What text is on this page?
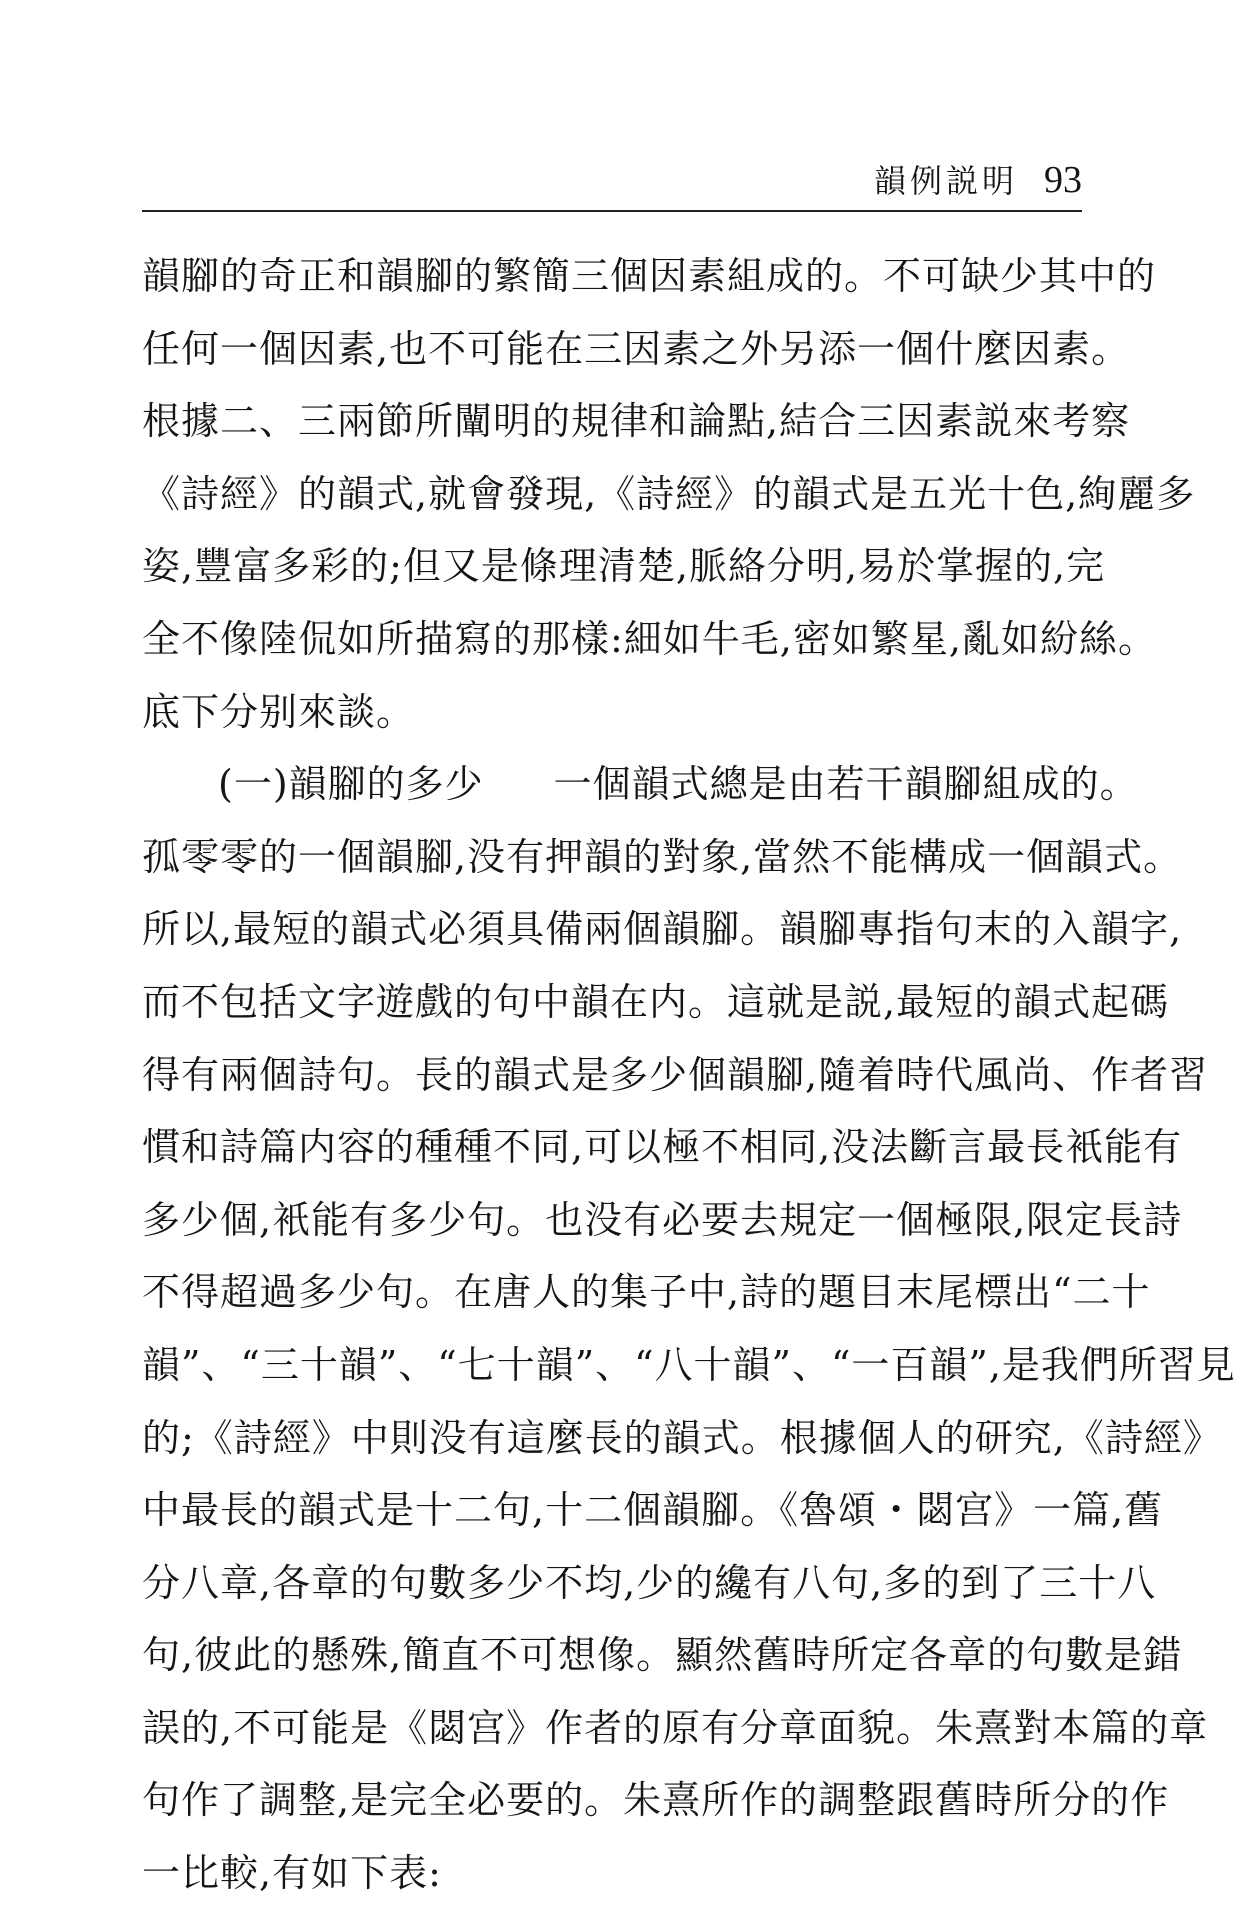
韻例説明 93
韻腳的奇正和韻腳的繁簡三個因素組成的。不可缺少其中的
任何一個因素,也不可能在三因素之外另添一個什麼因素。
根據二、三兩節所闡明的規律和論點,結合三因素説來考察
《詩經》的韻式,就會發現,《詩經》的韻式是五光十色,絢麗多
姿,豐富多彩的;但又是條理清楚,脈絡分明,易於掌握的,完
全不像陸侃如所描寫的那樣:細如牛毛,密如繁星,亂如紛絲。
底下分别來談。
(一)韻腳的多少 一個韻式總是由若干韻腳組成的。
孤零零的一個韻腳,没有押韻的對象,當然不能構成一個韻式。
所以,最短的韻式必須具備兩個韻腳。韻腳專指句末的入韻字,
而不包括文字遊戲的句中韻在内。這就是説,最短的韻式起碼
得有兩個詩句。長的韻式是多少個韻腳,隨着時代風尚、作者習
慣和詩篇内容的種種不同,可以極不相同,没法斷言最長衹能有
多少個,衹能有多少句。也没有必要去規定一個極限,限定長詩
不得超過多少句。在唐人的集子中,詩的題目末尾標出“二十
韻”、“三十韻”、“七十韻”、“八十韻”、“一百韻”,是我們所習見
的;《詩經》中則没有這麼長的韻式。根據個人的研究,《詩經》
中最長的韻式是十二句,十二個韻腳。《魯頌・閟宫》一篇,舊
分八章,各章的句數多少不均,少的纔有八句,多的到了三十八
句,彼此的懸殊,簡直不可想像。顯然舊時所定各章的句數是錯
誤的,不可能是《閟宫》作者的原有分章面貌。朱熹對本篇的章
句作了調整,是完全必要的。朱熹所作的調整跟舊時所分的作
一比較,有如下表:
